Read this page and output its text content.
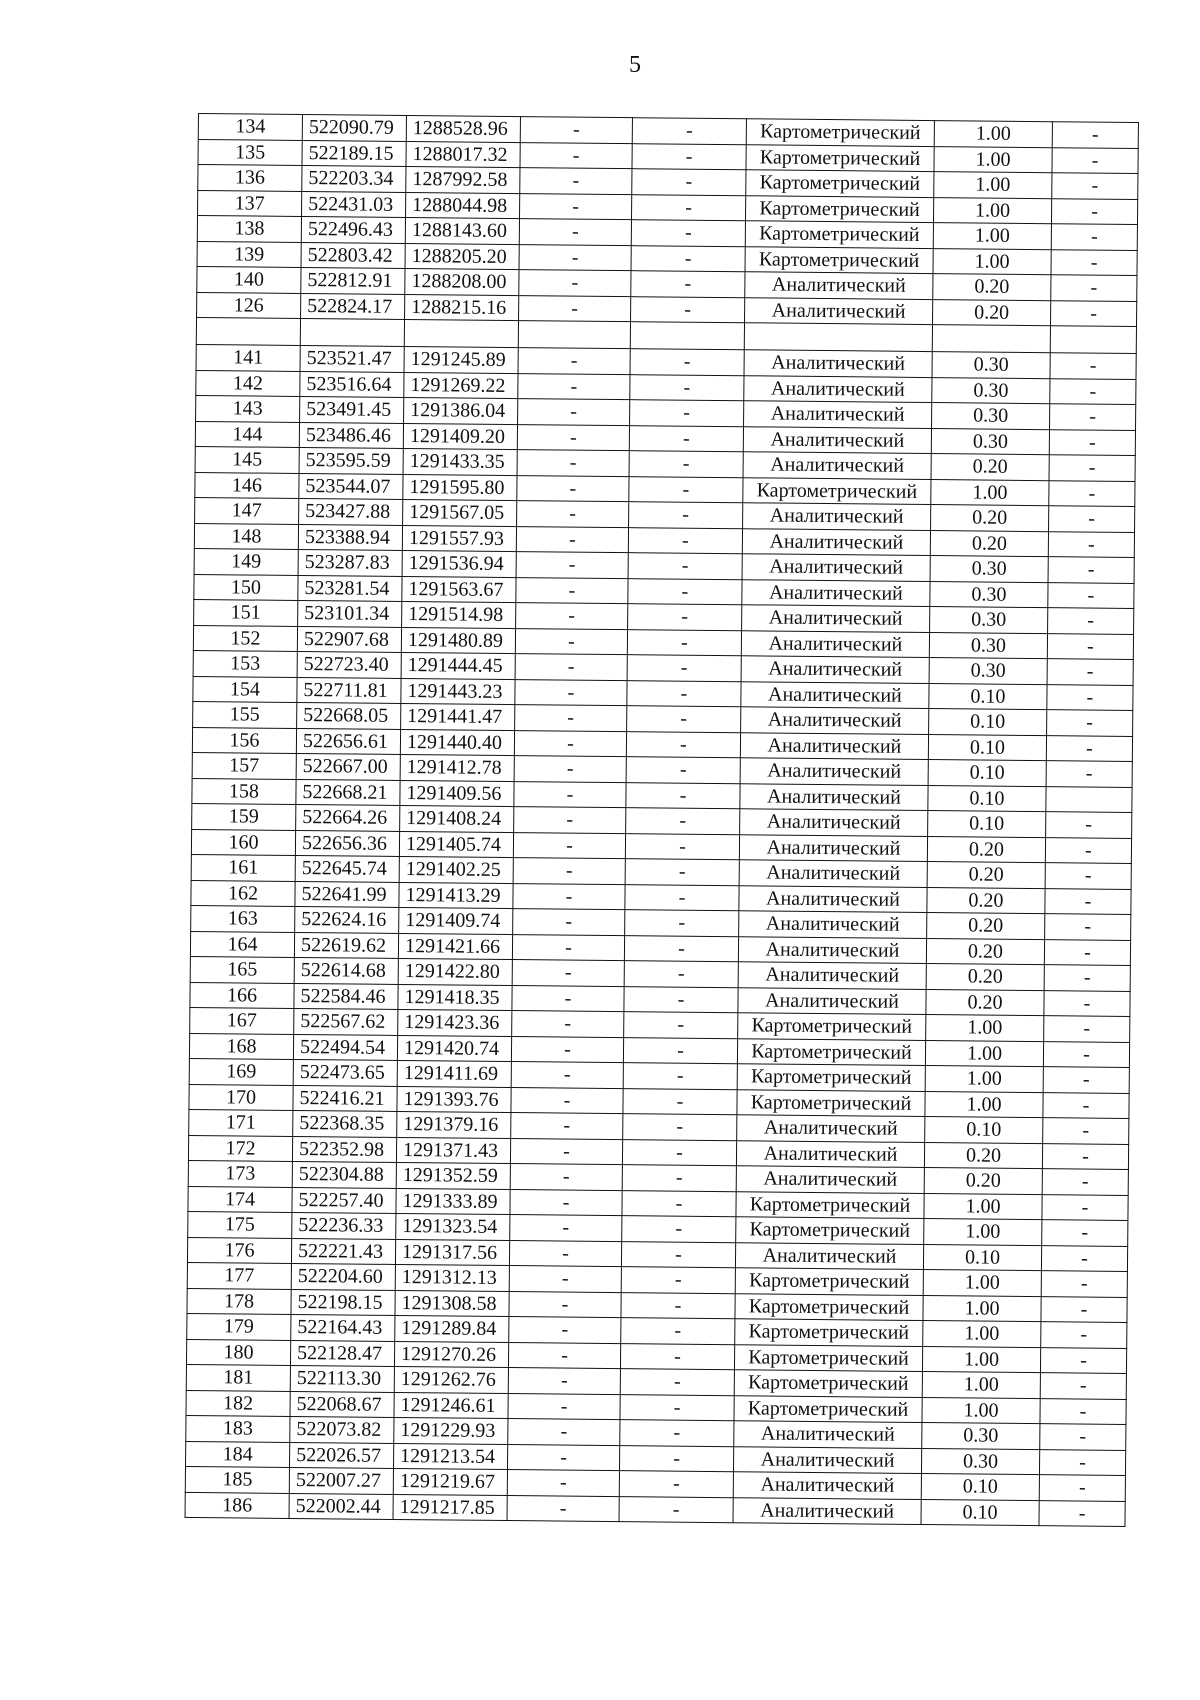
5
134	522090.79	1288528.96	-	-	Картометрический	1.00	-
135	522189.15	1288017.32	-	-	Картометрический	1.00	-
136	522203.34	1287992.58	-	-	Картометрический	1.00	-
137	522431.03	1288044.98	-	-	Картометрический	1.00	-
138	522496.43	1288143.60	-	-	Картометрический	1.00	-
139	522803.42	1288205.20	-	-	Картометрический	1.00	-
140	522812.91	1288208.00	-	-	Аналитический	0.20	-
126	522824.17	1288215.16	-	-	Аналитический	0.20	-

141	523521.47	1291245.89	-	-	Аналитический	0.30	-
142	523516.64	1291269.22	-	-	Аналитический	0.30	-
143	523491.45	1291386.04	-	-	Аналитический	0.30	-
144	523486.46	1291409.20	-	-	Аналитический	0.30	-
145	523595.59	1291433.35	-	-	Аналитический	0.20	-
146	523544.07	1291595.80	-	-	Картометрический	1.00	-
147	523427.88	1291567.05	-	-	Аналитический	0.20	-
148	523388.94	1291557.93	-	-	Аналитический	0.20	-
149	523287.83	1291536.94	-	-	Аналитический	0.30	-
150	523281.54	1291563.67	-	-	Аналитический	0.30	-
151	523101.34	1291514.98	-	-	Аналитический	0.30	-
152	522907.68	1291480.89	-	-	Аналитический	0.30	-
153	522723.40	1291444.45	-	-	Аналитический	0.30	-
154	522711.81	1291443.23	-	-	Аналитический	0.10	-
155	522668.05	1291441.47	-	-	Аналитический	0.10	-
156	522656.61	1291440.40	-	-	Аналитический	0.10	-
157	522667.00	1291412.78	-	-	Аналитический	0.10	-
158	522668.21	1291409.56	-	-	Аналитический	0.10	
159	522664.26	1291408.24	-	-	Аналитический	0.10	-
160	522656.36	1291405.74	-	-	Аналитический	0.20	-
161	522645.74	1291402.25	-	-	Аналитический	0.20	-
162	522641.99	1291413.29	-	-	Аналитический	0.20	-
163	522624.16	1291409.74	-	-	Аналитический	0.20	-
164	522619.62	1291421.66	-	-	Аналитический	0.20	-
165	522614.68	1291422.80	-	-	Аналитический	0.20	-
166	522584.46	1291418.35	-	-	Аналитический	0.20	-
167	522567.62	1291423.36	-	-	Картометрический	1.00	-
168	522494.54	1291420.74	-	-	Картометрический	1.00	-
169	522473.65	1291411.69	-	-	Картометрический	1.00	-
170	522416.21	1291393.76	-	-	Картометрический	1.00	-
171	522368.35	1291379.16	-	-	Аналитический	0.10	-
172	522352.98	1291371.43	-	-	Аналитический	0.20	-
173	522304.88	1291352.59	-	-	Аналитический	0.20	-
174	522257.40	1291333.89	-	-	Картометрический	1.00	-
175	522236.33	1291323.54	-	-	Картометрический	1.00	-
176	522221.43	1291317.56	-	-	Аналитический	0.10	-
177	522204.60	1291312.13	-	-	Картометрический	1.00	-
178	522198.15	1291308.58	-	-	Картометрический	1.00	-
179	522164.43	1291289.84	-	-	Картометрический	1.00	-
180	522128.47	1291270.26	-	-	Картометрический	1.00	-
181	522113.30	1291262.76	-	-	Картометрический	1.00	-
182	522068.67	1291246.61	-	-	Картометрический	1.00	-
183	522073.82	1291229.93	-	-	Аналитический	0.30	-
184	522026.57	1291213.54	-	-	Аналитический	0.30	-
185	522007.27	1291219.67	-	-	Аналитический	0.10	-
186	522002.44	1291217.85	-	-	Аналитический	0.10	-
